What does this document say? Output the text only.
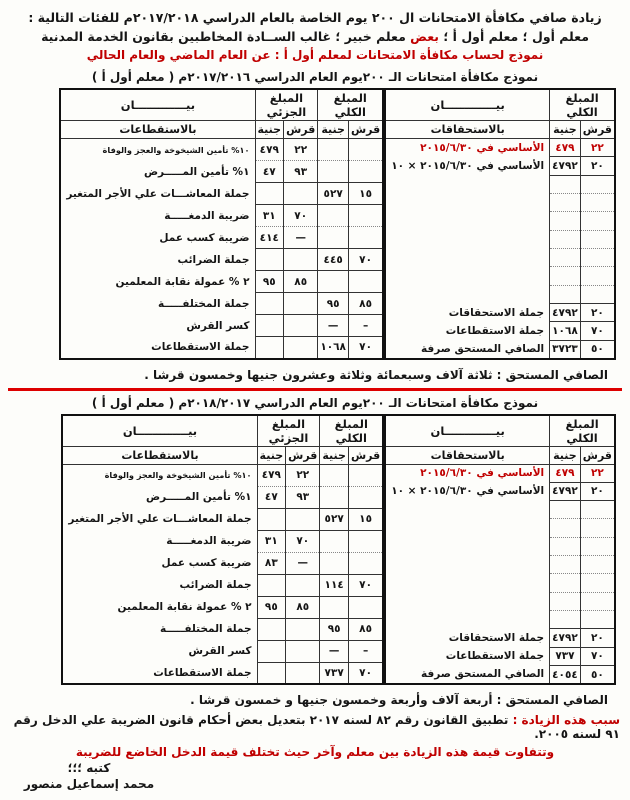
زيادة صافي مكافأة الامتحانات ال ٢٠٠ يوم الخاصة بالعام الدراسي ٢٠١٧/٢٠١٨م للفئات التالية :

معلم أول ؛ معلم أول أ ؛ بعض معلم خبير ؛ غالب الســادة المخاطبين بقانون الخدمة المدنية

نموذج لحساب مكافأة الامتحانات لمعلم أول أ : عن العام الماضي والعام الحالي

نموذج مكافأة امتحانات الـ ٢٠٠يوم العام الدراسي ٢٠١٧/٢٠١٦م ( معلم أول أ )
المبلغ الكلي		بيـــــــــــــان
قرش	جنية	بالاستحقاقات
٢٢	٤٧٩	الأساسي في ٢٠١٥/٦/٣٠
٢٠	٤٧٩٢	الأساسي في ٢٠١٥/٦/٣٠ × ١٠

٢٠	٤٧٩٢	جملة الاستحقاقات
٧٠	١٠٦٨	جملة الاستقطاعات
٥٠	٣٧٢٣	الصافي المستحق صرفة
المبلغ الكلي		المبلغ الجزئي		بيـــــــــــــان
قرش	جنية	قرش	جنية	بالاستقطاعات
		٢٢	٤٧٩	١٠% تأمين الشيخوخة والعجز والوفاة
		٩٣	٤٧	١% تأمين المـــــرض
١٥	٥٢٧			جملة المعاشـــات علي الأجر المتغير
		٧٠	٣١	ضريبة الدمغـــــة
		—	٤١٤	ضريبة كسب عمل
٧٠	٤٤٥			جملة الضرائب
		٨٥	٩٥	٢ % عمولة نقابة المعلمين
٨٥	٩٥			جملة المختلفـــــة
–	—			كسر القرش
٧٠	١٠٦٨			جملة الاستقطاعات

الصافي المستحق : ثلاثة آلاف وسبعمائة وثلاثة وعشرون جنيها وخمسون قرشا .

نموذج مكافأة امتحانات الـ ٢٠٠يوم العام الدراسي ٢٠١٨/٢٠١٧م ( معلم أول أ )
المبلغ الكلي		بيـــــــــــــان
قرش	جنية	بالاستحقاقات
٢٢	٤٧٩	الأساسي في ٢٠١٥/٦/٣٠
٢٠	٤٧٩٢	الأساسي في ٢٠١٥/٦/٣٠ × ١٠

٢٠	٤٧٩٢	جملة الاستحقاقات
٧٠	٧٣٧	جملة الاستقطاعات
٥٠	٤٠٥٤	الصافي المستحق صرفة
المبلغ الكلي		المبلغ الجزئي		بيـــــــــــــان
قرش	جنية	قرش	جنية	بالاستقطاعات
		٢٢	٤٧٩	١٠% تأمين الشيخوخة والعجز والوفاة
		٩٣	٤٧	١% تأمين المـــــرض
١٥	٥٢٧			جملة المعاشـــات علي الأجر المتغير
		٧٠	٣١	ضريبة الدمغـــــة
		—	٨٣	ضريبة كسب عمل
٧٠	١١٤			جملة الضرائب
		٨٥	٩٥	٢ % عمولة نقابة المعلمين
٨٥	٩٥			جملة المختلفـــــة
–	—			كسر القرش
٧٠	٧٣٧			جملة الاستقطاعات

الصافي المستحق : أربعة آلاف وأربعة وخمسون جنيها و خمسون قرشا .

سبب هذه الزيادة : تطبيق القانون رقم ٨٢ لسنه ٢٠١٧ بتعديل بعض أحكام قانون الضريبة علي الدخل رقم ٩١ لسنه ٢٠٠٥.

وتتفاوت قيمة هذه الزيادة بين معلم وآخر حيث تختلف قيمة الدخل الخاضع للضريبة

كتبه ؛؛؛
محمد إسماعيل منصور
